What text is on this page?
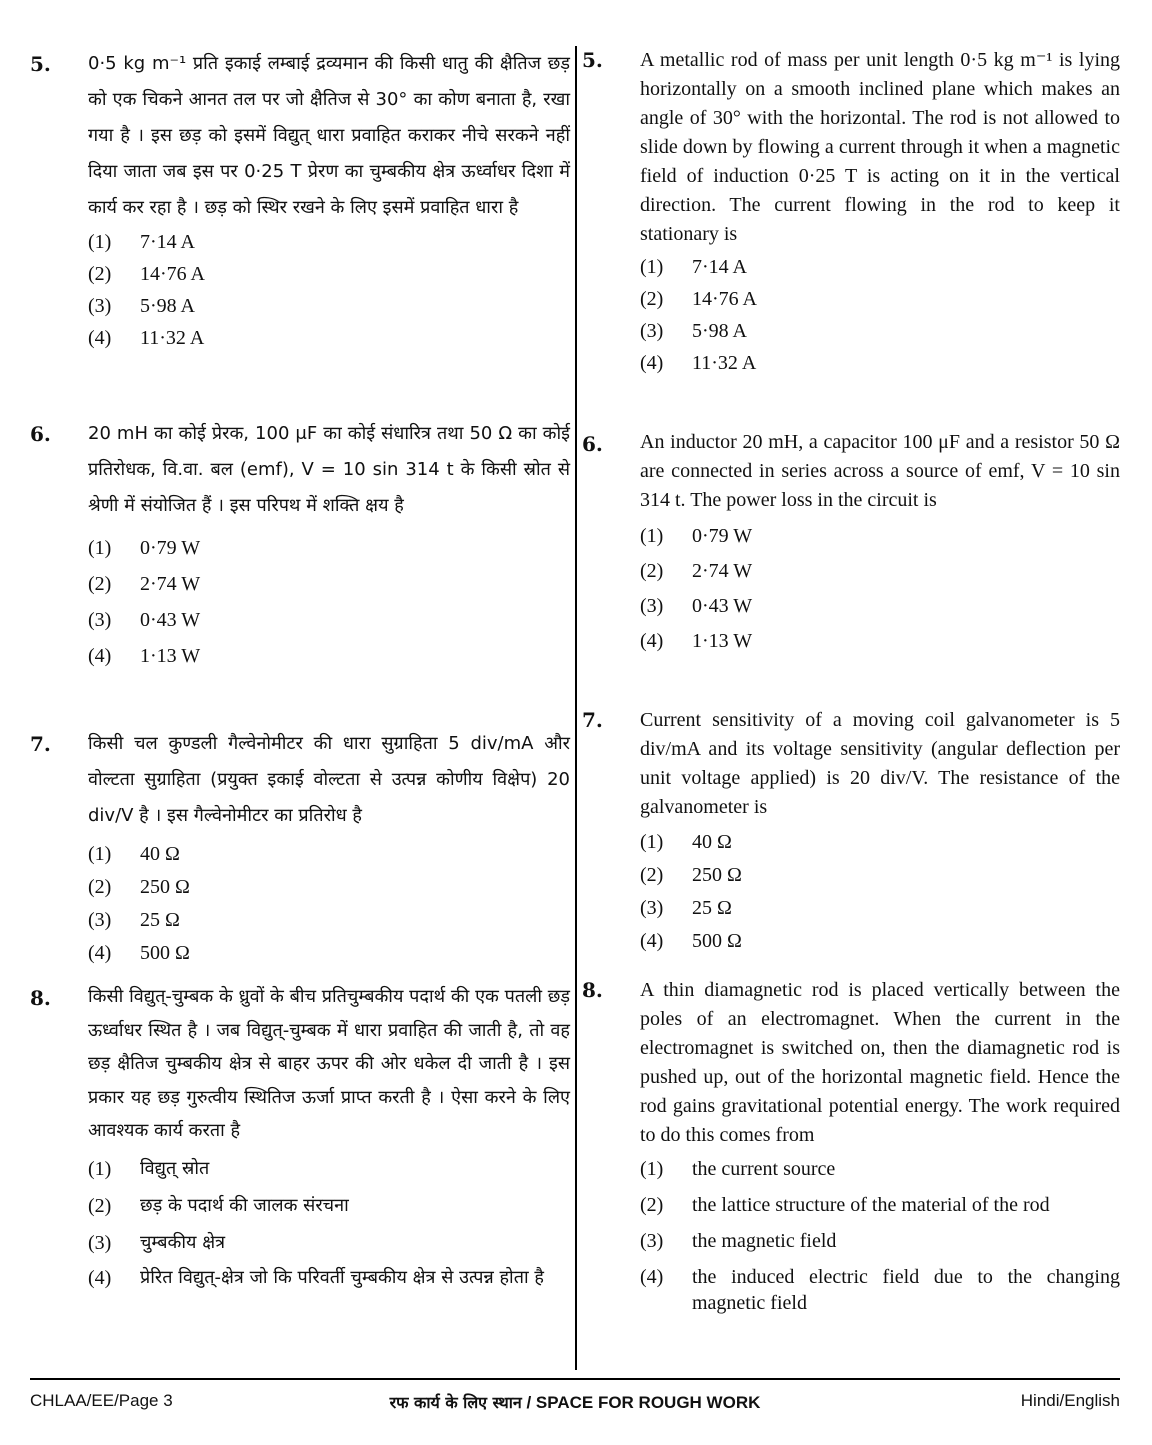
5. 0·5 kg m⁻¹ प्रति इकाई लम्बाई द्रव्यमान की किसी धातु की क्षैतिज छड़ को एक चिकने आनत तल पर जो क्षैतिज से 30° का कोण बनाता है, रखा गया है । इस छड़ को इसमें विद्युत् धारा प्रवाहित कराकर नीचे सरकने नहीं दिया जाता जब इस पर 0·25 T प्रेरण का चुम्बकीय क्षेत्र ऊर्ध्वाधर दिशा में कार्य कर रहा है । छड़ को स्थिर रखने के लिए इसमें प्रवाहित धारा है

(1)	7·14 A
(2)	14·76 A
(3)	5·98 A
(4)	11·32 A
6. 20 mH का कोई प्रेरक, 100 μF का कोई संधारित्र तथा 50 Ω का कोई प्रतिरोधक, वि.वा. बल (emf), V = 10 sin 314 t के किसी स्रोत से श्रेणी में संयोजित हैं । इस परिपथ में शक्ति क्षय है

(1)	0·79 W
(2)	2·74 W
(3)	0·43 W
(4)	1·13 W
7. किसी चल कुण्डली गैल्वेनोमीटर की धारा सुग्राहिता 5 div/mA और वोल्टता सुग्राहिता (प्रयुक्त इकाई वोल्टता से उत्पन्न कोणीय विक्षेप) 20 div/V है । इस गैल्वेनोमीटर का प्रतिरोध है

(1)	40 Ω
(2)	250 Ω
(3)	25 Ω
(4)	500 Ω
8. किसी विद्युत्-चुम्बक के ध्रुवों के बीच प्रतिचुम्बकीय पदार्थ की एक पतली छड़ ऊर्ध्वाधर स्थित है । जब विद्युत्-चुम्बक में धारा प्रवाहित की जाती है, तो वह छड़ क्षैतिज चुम्बकीय क्षेत्र से बाहर ऊपर की ओर धकेल दी जाती है । इस प्रकार यह छड़ गुरुत्वीय स्थितिज ऊर्जा प्राप्त करती है । ऐसा करने के लिए आवश्यक कार्य करता है

(1)	विद्युत् स्रोत
(2)	छड़ के पदार्थ की जालक संरचना
(3)	चुम्बकीय क्षेत्र
(4)	प्रेरित विद्युत्-क्षेत्र जो कि परिवर्ती चुम्बकीय क्षेत्र से उत्पन्न होता है
5. A metallic rod of mass per unit length 0·5 kg m⁻¹ is lying horizontally on a smooth inclined plane which makes an angle of 30° with the horizontal. The rod is not allowed to slide down by flowing a current through it when a magnetic field of induction 0·25 T is acting on it in the vertical direction. The current flowing in the rod to keep it stationary is

(1)	7·14 A
(2)	14·76 A
(3)	5·98 A
(4)	11·32 A
6. An inductor 20 mH, a capacitor 100 μF and a resistor 50 Ω are connected in series across a source of emf, V = 10 sin 314 t. The power loss in the circuit is

(1)	0·79 W
(2)	2·74 W
(3)	0·43 W
(4)	1·13 W
7. Current sensitivity of a moving coil galvanometer is 5 div/mA and its voltage sensitivity (angular deflection per unit voltage applied) is 20 div/V. The resistance of the galvanometer is

(1)	40 Ω
(2)	250 Ω
(3)	25 Ω
(4)	500 Ω
8. A thin diamagnetic rod is placed vertically between the poles of an electromagnet. When the current in the electromagnet is switched on, then the diamagnetic rod is pushed up, out of the horizontal magnetic field. Hence the rod gains gravitational potential energy. The work required to do this comes from

(1)	the current source
(2)	the lattice structure of the material of the rod
(3)	the magnetic field
(4)	the induced electric field due to the changing magnetic field
CHLAA/EE/Page 3	रफ कार्य के लिए स्थान / SPACE FOR ROUGH WORK	Hindi/English
